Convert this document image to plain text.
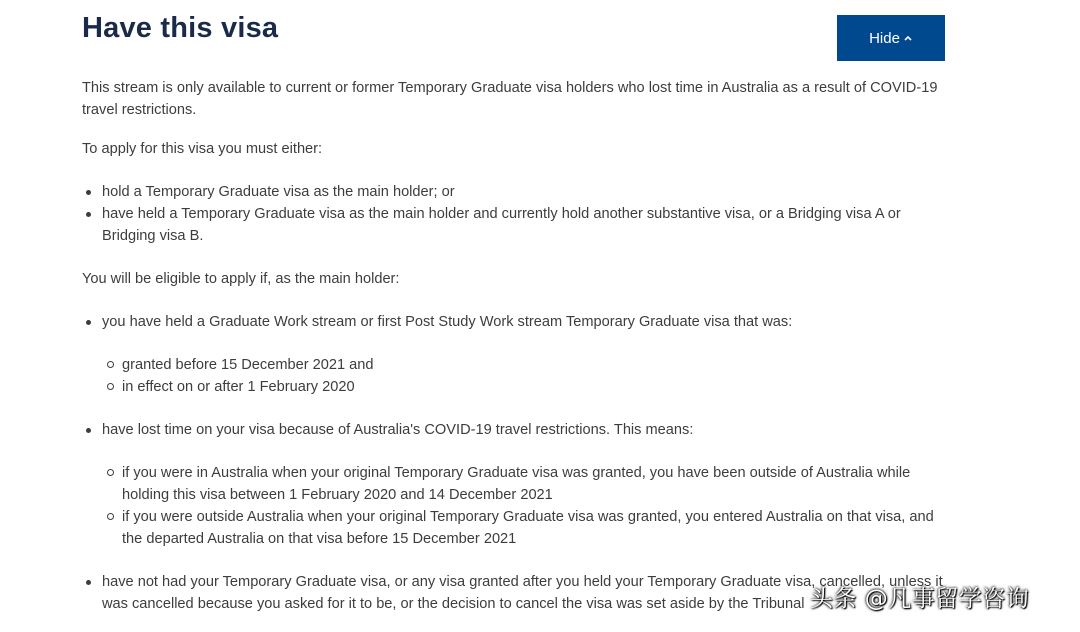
Have this visa	Hide

This stream is only available to current or former Temporary Graduate visa holders who lost time in Australia as a result of COVID-19 travel restrictions.

To apply for this visa you must either:

hold a Temporary Graduate visa as the main holder; or
have held a Temporary Graduate visa as the main holder and currently hold another substantive visa, or a Bridging visa A or Bridging visa B.

You will be eligible to apply if, as the main holder:

you have held a Graduate Work stream or first Post Study Work stream Temporary Graduate visa that was:
granted before 15 December 2021 and
in effect on or after 1 February 2020
have lost time on your visa because of Australia's COVID-19 travel restrictions. This means:
if you were in Australia when your original Temporary Graduate visa was granted, you have been outside of Australia while holding this visa between 1 February 2020 and 14 December 2021
if you were outside Australia when your original Temporary Graduate visa was granted, you entered Australia on that visa, and the departed Australia on that visa before 15 December 2021
have not had your Temporary Graduate visa, or any visa granted after you held your Temporary Graduate visa, cancelled, unless it was cancelled because you asked for it to be, or the decision to cancel the visa was set aside by the Tribunal 头条 @凡事留学咨询
